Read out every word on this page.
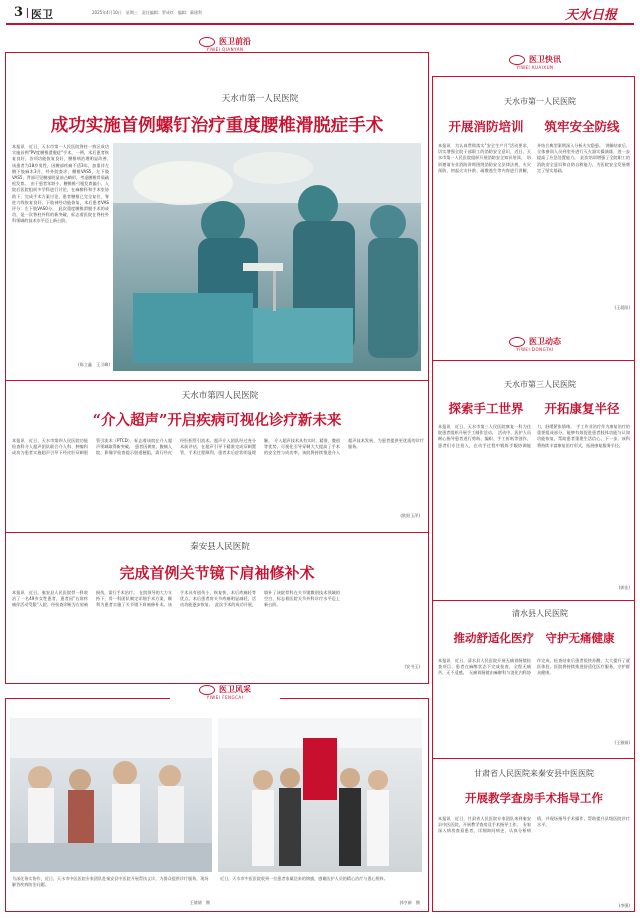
3 医卫	2025年4月10日　星期三　责任编辑：罗成红　编辑：蔺建利	天水日报
医卫前沿
YIWEI QIANYAN
天水市第一人民医院
成功实施首例螺钉治疗重度腰椎滑脱症手术
本报讯　近日，天水市第一人民医院脊柱一病区成功实施首例"PV度腰椎滑脱症"手术，一例，术后患者恢复良好，各项功能恢复良好，腰椎病治理明显改善。　该患者为18岁男性，因腰部疼痛不适3年，加重伴左侧下肢麻木3月，经外院查诊，腰椎VAS5，左下肢VAS5，背部可见腰部明显前凸畸形，考虑腰椎骨质疏松发育。　由于患者年龄小，腰椎椎弓根发育偏小，入院后医院组织多学科进行讨论，在麻醉科和手术室协助下，完成手术方案讨论，患者腰椎已完全复位，脊柱力线恢复良好，下肢神经功能恢复，术后患者VAS评分：左下肢VAS0分。　此次重度腰椎滑脱手术的成功，是一次脊柱外科的新突破，标志着医院在脊柱外科领域的技术水平迈上新台阶。
(陈立鑫　王卫峰)
天水市第四人民医院
“介入超声”开启疾病可视化诊疗新未来
本报讯　近日，天水市第四人民医院功能检查科介入超声团队联合介入科、肿瘤科成功为患者实施超声引导下经皮肝穿刺胆管引流术（PTCD），标志着该院在介入超声领域取得新突破。　患者因黄疸、腹痛入院，影像学检查提示胆道梗阻，需行经皮经肝胆管引流术。超声介入团队经过充分术前评估，在超声引导下精准完成穿刺置管，手术过程顺利，患者术后症状明显缓解。　介入超声技术具有实时、精准、微创等优势，可视化引导穿刺大大提高了手术的安全性与成功率。该院将持续推进介入超声技术发展，为患者提供更优质的诊疗服务。
(欧阳玉萍)
秦安县人民医院
完成首例关节镜下肩袖修补术
本报讯　近日，秦安县人民医院骨一科收治了一名49岁女性患者，患者因"右肩疼痛伴活动受限"入院。经检查诊断为右肩袖损伤，需行手术治疗。　在院领导的大力支持下，骨一科团队制定详细手术方案，顺利为患者实施了关节镜下肩袖修补术。该手术具有创伤小、恢复快、术后疼痛轻等优点。术后患者肩关节疼痛明显减轻，活动功能逐步恢复。　此次手术的成功开展，填补了该院骨科在关节镜微创技术领域的空白，标志着医院关节外科诊疗水平迈上新台阶。
(安书玉)
医卫风采
YIWEI FENGCAI
为深化务实协作，近日，天水市中医医院专家团队赴秦安县中医院开展帮扶义诊，为群众提供诊疗服务，现场解答疾病防治问题。
王倩倩　摄
近日，天水市中医医院收到一位患者家属送来的锦旗，感谢医护人员的精心治疗与悉心照料。
郭亨新　摄
医卫快讯
YIWEI KUAIXUN
天水市第一人民医院
开展消防培训	筑牢安全防线
本报讯　为认真贯彻落实"安全生产月"活动要求，切实增强全院干部职工的消防安全意识，近日，天水市第一人民医院组织开展消防安全知识培训。　培训邀请专业消防讲师围绕消防安全法律法规、火灾预防、初起火灾扑救、疏散逃生等内容进行讲解，并结合典型案例深入分析火灾隐患。　讲解结束后，全体参训人员到室外进行灭火器实操演练，进一步提高了应急处置能力。　此次培训增强了全院职工的消防安全意识和自防自救能力，为医院安全发展奠定了坚实基础。
(王晨阳)
医卫动态
YIWEI DONGTAI
天水市第三人民医院
探索手工世界	开拓康复半径
本报讯　近日，天水市第三人民医院康复一科为住院患者组织开展手工制作活动。　活动中，医护人员耐心指导患者进行剪纸、编织、手工折纸等创作，患者们专注投入，在动手过程中锻炼手眼协调能力，舒缓紧张情绪。　手工作业治疗作为康复治疗的重要组成部分，能够有效促进患者肢体功能与认知功能恢复，帮助患者重建生活信心。下一步，该科将持续丰富康复治疗形式，拓展康复服务半径。
(郭佳)
清水县人民医院
推动舒适化医疗　守护无痛健康
本报讯　近日，清水县人民医院开展无痛胃肠镜检查项目，患者在麻醉状态下完成检查，全程无痛苦、无不适感。　无痛胃肠镜由麻醉科与消化内科协作完成，检查结束后患者很快苏醒，大大提升了就医体验。医院将持续推进舒适化医疗服务，守护群众健康。
(王雅娟)
甘肃省人民医院来秦安县中医医院
开展教学查房手术指导工作
本报讯　近日，甘肃省人民医院专家团队来到秦安县中医医院，开展教学查房及手术指导工作。　专家深入病房查看患者，详细询问病史，认真分析病情，并现场指导手术操作，帮助提升县级医院诊疗水平。
(李强)
